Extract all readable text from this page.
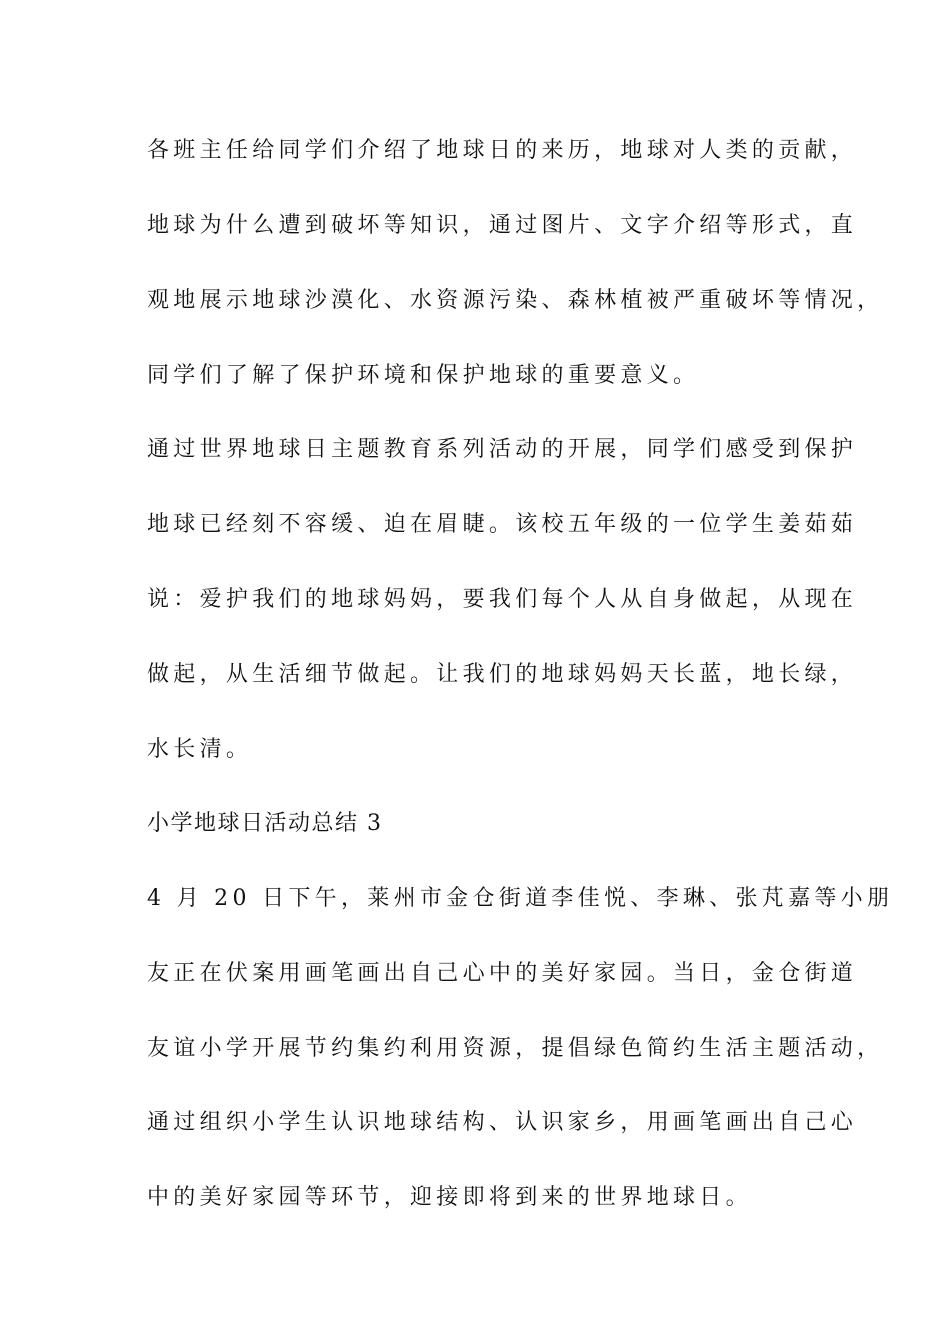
各班主任给同学们介绍了地球日的来历，地球对人类的贡献，
地球为什么遭到破坏等知识，通过图片、文字介绍等形式，直
观地展示地球沙漠化、水资源污染、森林植被严重破坏等情况，
同学们了解了保护环境和保护地球的重要意义。
通过世界地球日主题教育系列活动的开展，同学们感受到保护
地球已经刻不容缓、迫在眉睫。该校五年级的一位学生姜茹茹
说：爱护我们的地球妈妈，要我们每个人从自身做起，从现在
做起，从生活细节做起。让我们的地球妈妈天长蓝，地长绿，
水长清。
小学地球日活动总结 3
4 月 20 日下午，莱州市金仓街道李佳悦、李琳、张芃嘉等小朋
友正在伏案用画笔画出自己心中的美好家园。当日，金仓街道
友谊小学开展节约集约利用资源，提倡绿色简约生活主题活动，
通过组织小学生认识地球结构、认识家乡，用画笔画出自己心
中的美好家园等环节，迎接即将到来的世界地球日。
